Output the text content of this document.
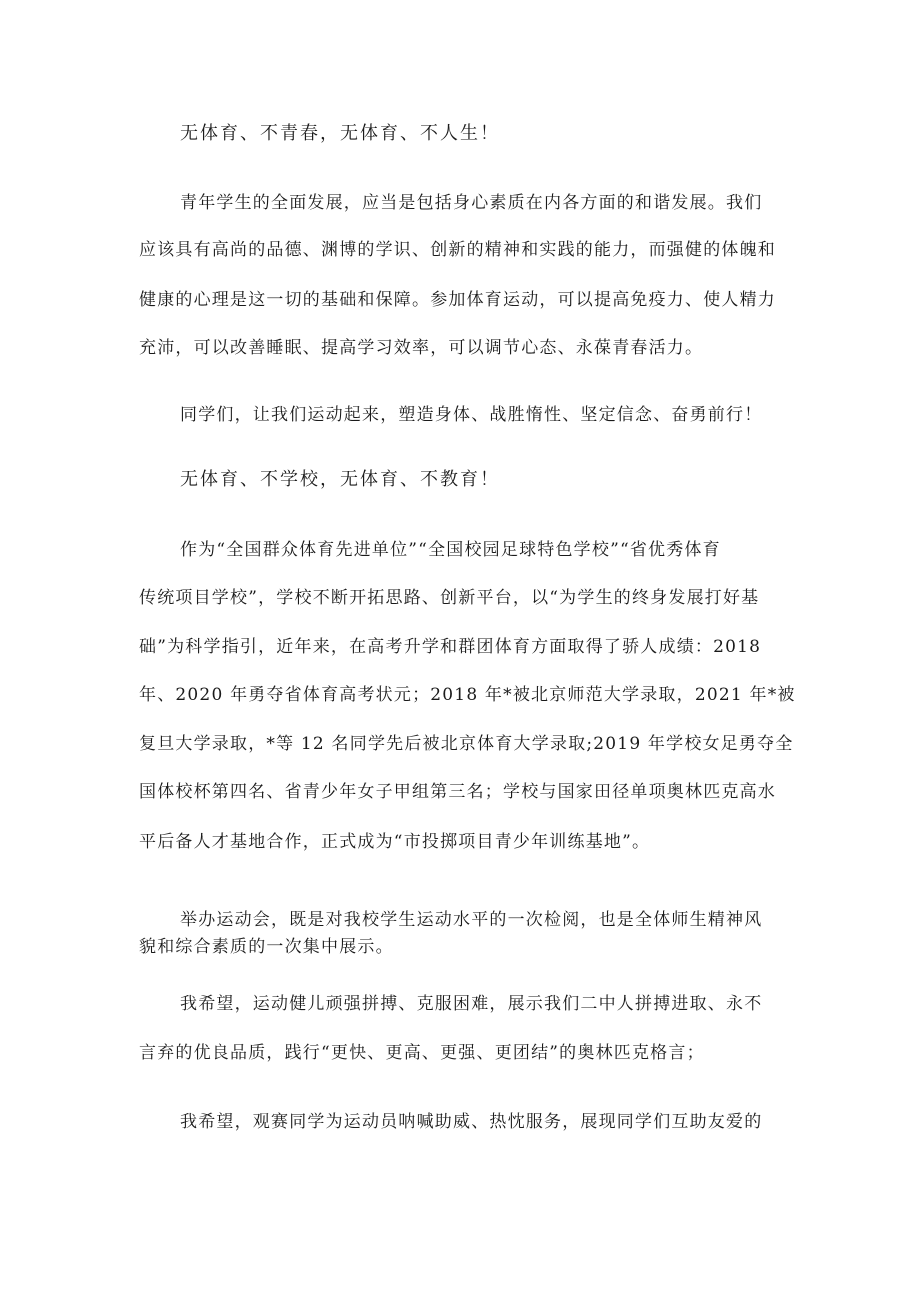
无体育、不青春，无体育、不人生！
青年学生的全面发展，应当是包括身心素质在内各方面的和谐发展。我们
应该具有高尚的品德、渊博的学识、创新的精神和实践的能力，而强健的体魄和
健康的心理是这一切的基础和保障。参加体育运动，可以提高免疫力、使人精力
充沛，可以改善睡眠、提高学习效率，可以调节心态、永葆青春活力。
同学们，让我们运动起来，塑造身体、战胜惰性、坚定信念、奋勇前行！
无体育、不学校，无体育、不教育！
作为“全国群众体育先进单位”“全国校园足球特色学校”“省优秀体育
传统项目学校”，学校不断开拓思路、创新平台，以“为学生的终身发展打好基
础”为科学指引，近年来，在高考升学和群团体育方面取得了骄人成绩：2018
年、2020 年勇夺省体育高考状元；2018 年*被北京师范大学录取，2021 年*被
复旦大学录取，*等 12 名同学先后被北京体育大学录取;2019 年学校女足勇夺全
国体校杯第四名、省青少年女子甲组第三名；学校与国家田径单项奥林匹克高水
平后备人才基地合作，正式成为“市投掷项目青少年训练基地”。
举办运动会，既是对我校学生运动水平的一次检阅，也是全体师生精神风
貌和综合素质的一次集中展示。
我希望，运动健儿顽强拼搏、克服困难，展示我们二中人拼搏进取、永不
言弃的优良品质，践行“更快、更高、更强、更团结”的奥林匹克格言；
我希望，观赛同学为运动员呐喊助威、热忱服务，展现同学们互助友爱的
